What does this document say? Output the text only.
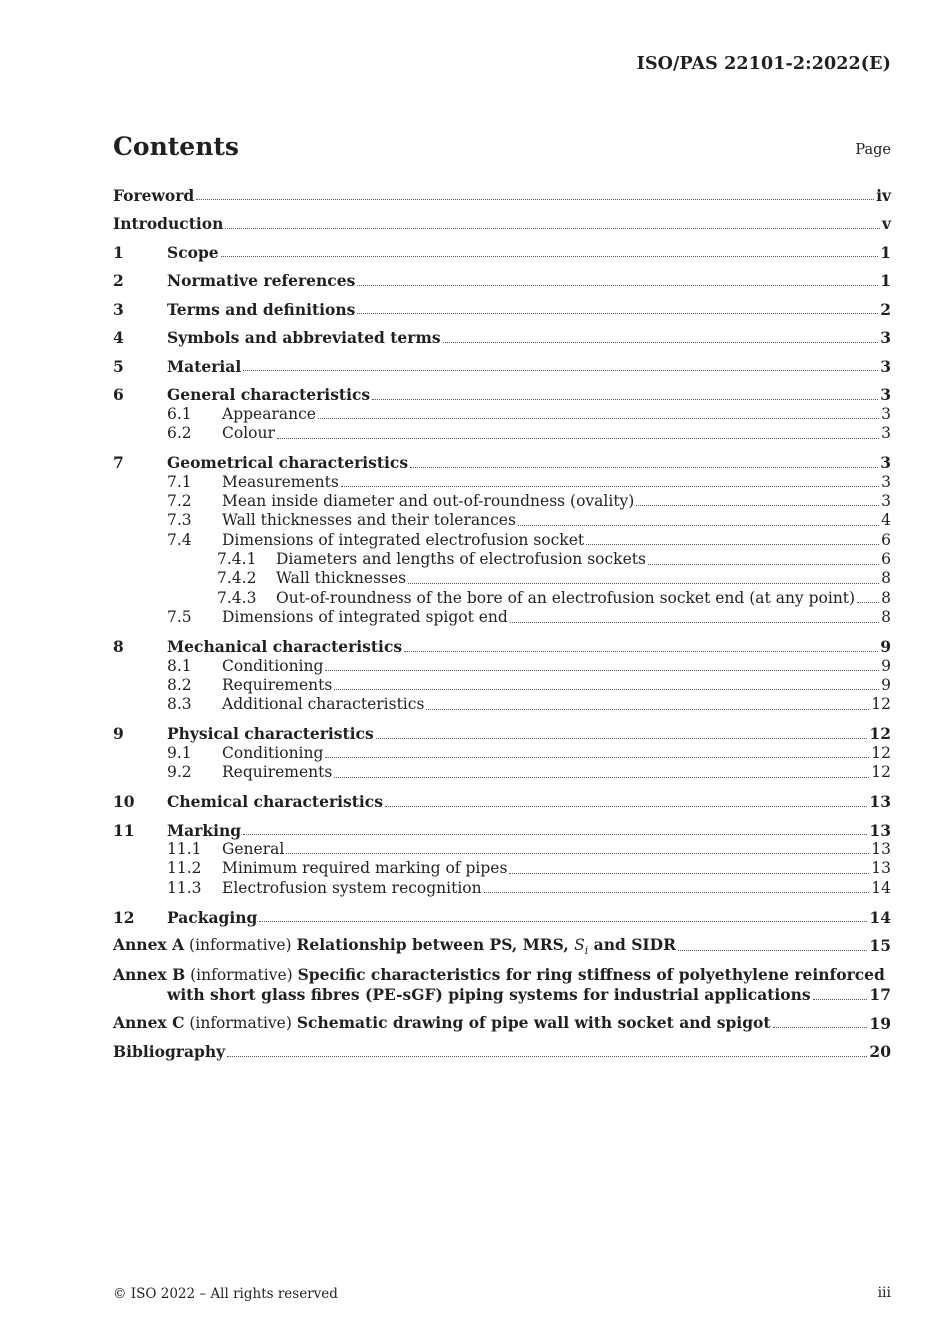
ISO/PAS 22101-2:2022(E)
Contents	Page
Foreword	iv
Introduction	v
1	Scope	1
2	Normative references	1
3	Terms and definitions	2
4	Symbols and abbreviated terms	3
5	Material	3
6	General characteristics	3
6.1	Appearance	3
6.2	Colour	3
7	Geometrical characteristics	3
7.1	Measurements	3
7.2	Mean inside diameter and out-of-roundness (ovality)	3
7.3	Wall thicknesses and their tolerances	4
7.4	Dimensions of integrated electrofusion socket	6
7.4.1	Diameters and lengths of electrofusion sockets	6
7.4.2	Wall thicknesses	8
7.4.3	Out-of-roundness of the bore of an electrofusion socket end (at any point) 8
7.5	Dimensions of integrated spigot end	8
8	Mechanical characteristics	9
8.1	Conditioning	9
8.2	Requirements	9
8.3	Additional characteristics	12
9	Physical characteristics	12
9.1	Conditioning	12
9.2	Requirements	12
10	Chemical characteristics	13
11	Marking	13
11.1	General	13
11.2	Minimum required marking of pipes	13
11.3	Electrofusion system recognition	14
12	Packaging	14
Annex A (informative) Relationship between PS, MRS, $S_i$ and SIDR	15
Annex B (informative) Specific characteristics for ring stiffness of polyethylene reinforced
with short glass fibres (PE-sGF) piping systems for industrial applications	17
Annex C (informative) Schematic drawing of pipe wall with socket and spigot	19
Bibliography	20
© ISO 2022 – All rights reserved	iii
